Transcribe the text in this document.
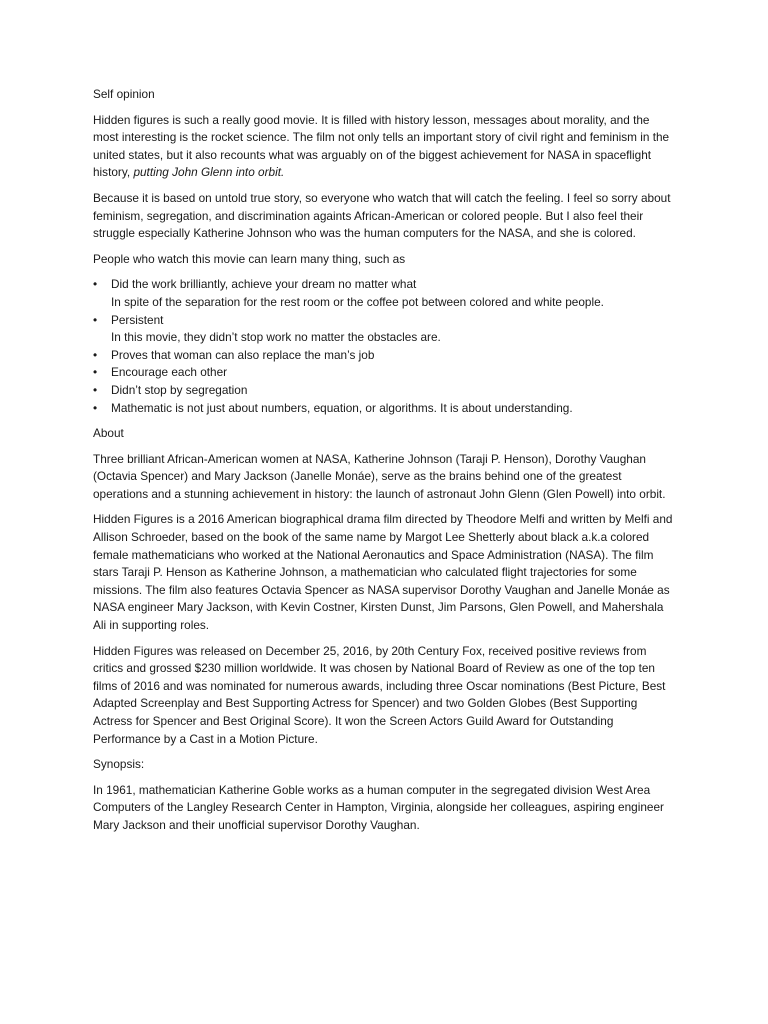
Self opinion

Hidden figures is such a really good movie. It is filled with history lesson, messages about morality, and the most interesting is the rocket science. The film not only tells an important story of civil right and feminism in the united states, but it also recounts what was arguably on of the biggest achievement for NASA in spaceflight history, putting John Glenn into orbit.

Because it is based on untold true story, so everyone who watch that will catch the feeling. I feel so sorry about feminism, segregation, and discrimination againts African-American or colored people. But I also feel their struggle especially Katherine Johnson who was the human computers for the NASA, and she is colored.

People who watch this movie can learn many thing, such as

• Did the work brilliantly, achieve your dream no matter what
In spite of the separation for the rest room or the coffee pot between colored and white people.
• Persistent
In this movie, they didn’t stop work no matter the obstacles are.
• Proves that woman can also replace the man’s job
• Encourage each other
• Didn’t stop by segregation
• Mathematic is not just about numbers, equation, or algorithms. It is about understanding.
About

Three brilliant African-American women at NASA, Katherine Johnson (Taraji P. Henson), Dorothy Vaughan (Octavia Spencer) and Mary Jackson (Janelle Monáe), serve as the brains behind one of the greatest operations and a stunning achievement in history: the launch of astronaut John Glenn (Glen Powell) into orbit.

Hidden Figures is a 2016 American biographical drama film directed by Theodore Melfi and written by Melfi and Allison Schroeder, based on the book of the same name by Margot Lee Shetterly about black a.k.a colored female mathematicians who worked at the National Aeronautics and Space Administration (NASA). The film stars Taraji P. Henson as Katherine Johnson, a mathematician who calculated flight trajectories for some missions. The film also features Octavia Spencer as NASA supervisor Dorothy Vaughan and Janelle Monáe as NASA engineer Mary Jackson, with Kevin Costner, Kirsten Dunst, Jim Parsons, Glen Powell, and Mahershala Ali in supporting roles.

Hidden Figures was released on December 25, 2016, by 20th Century Fox, received positive reviews from critics and grossed $230 million worldwide. It was chosen by National Board of Review as one of the top ten films of 2016 and was nominated for numerous awards, including three Oscar nominations (Best Picture, Best Adapted Screenplay and Best Supporting Actress for Spencer) and two Golden Globes (Best Supporting Actress for Spencer and Best Original Score). It won the Screen Actors Guild Award for Outstanding Performance by a Cast in a Motion Picture.

Synopsis:

In 1961, mathematician Katherine Goble works as a human computer in the segregated division West Area Computers of the Langley Research Center in Hampton, Virginia, alongside her colleagues, aspiring engineer Mary Jackson and their unofficial supervisor Dorothy Vaughan.
